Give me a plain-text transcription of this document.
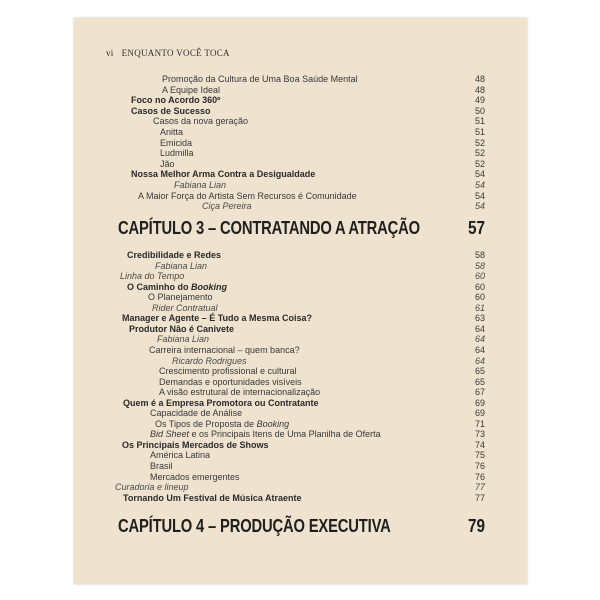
vi ENQUANTO VOCÊ TOCA
Promoção da Cultura de Uma Boa Saúde Mental	48
A Equipe Ideal	48
Foco no Acordo 360º	49
Casos de Sucesso	50
Casos da nova geração	51
Anitta	51
Emicida	52
Ludmilla	52
Jão	52
Nossa Melhor Arma Contra a Desigualdade	54
Fabiana Lian	54
A Maior Força do Artista Sem Recursos é Comunidade	54
Ciça Pereira	54
CAPÍTULO 3 – CONTRATANDO A ATRAÇÃO	57
Credibilidade e Redes	58
Fabiana Lian	58
Linha do Tempo	60
O Caminho do Booking	60
O Planejamento	60
Rider Contratual	61
Manager e Agente – É Tudo a Mesma Coisa?	63
Produtor Não é Canivete	64
Fabiana Lian	64
Carreira internacional – quem banca?	64
Ricardo Rodrigues	64
Crescimento profissional e cultural	65
Demandas e oportunidades visíveis	65
A visão estrutural de internacionalização	67
Quem é a Empresa Promotora ou Contratante	69
Capacidade de Análise	69
Os Tipos de Proposta de Booking	71
Bid Sheet e os Principais Itens de Uma Planilha de Oferta	73
Os Principais Mercados de Shows	74
América Latina	75
Brasil	76
Mercados emergentes	76
Curadoria e lineup	77
Tornando Um Festival de Música Atraente	77
CAPÍTULO 4 – PRODUÇÃO EXECUTIVA	79
